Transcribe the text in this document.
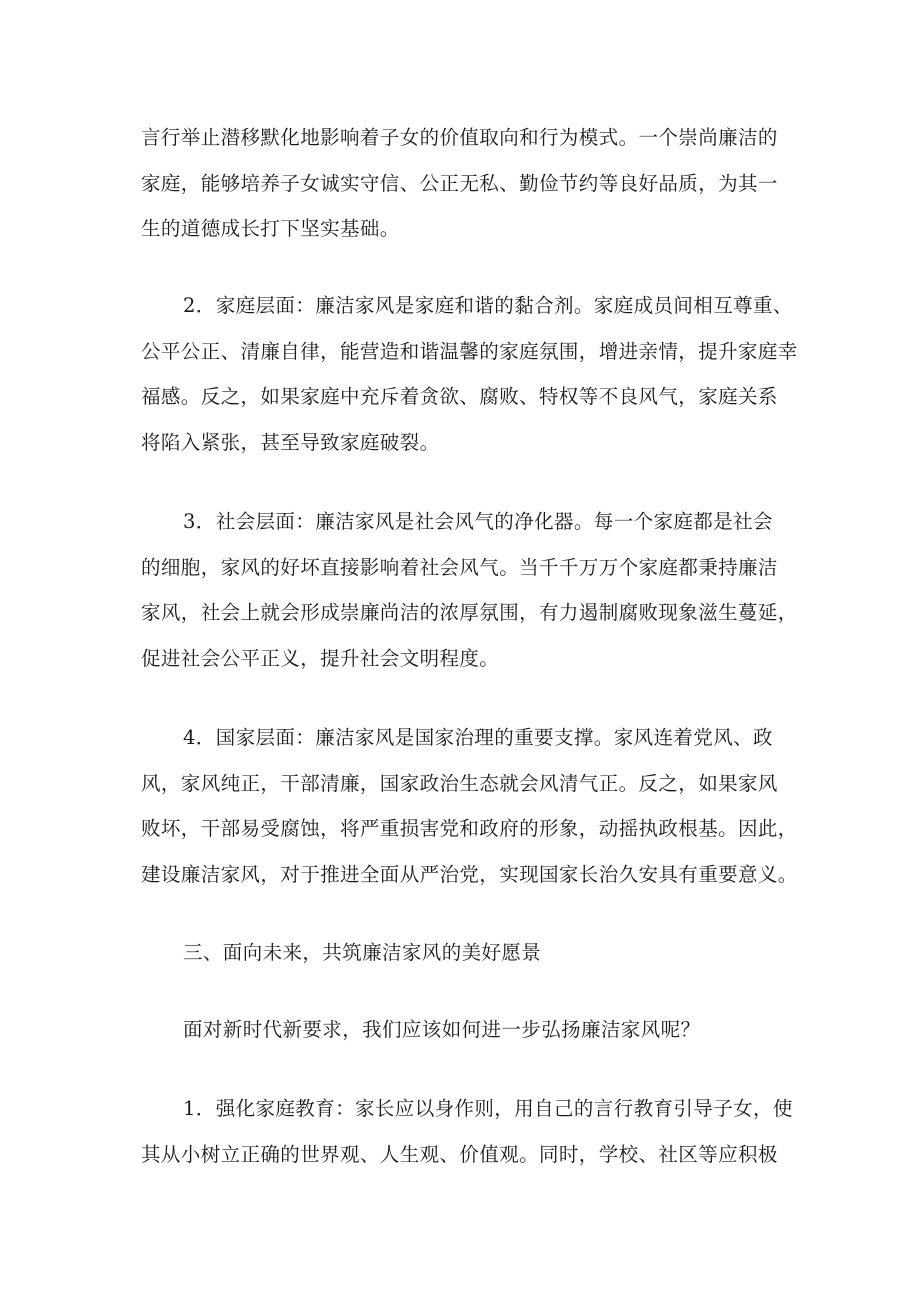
言行举止潜移默化地影响着子女的价值取向和行为模式。一个崇尚廉洁的
家庭，能够培养子女诚实守信、公正无私、勤俭节约等良好品质，为其一
生的道德成长打下坚实基础。
2．家庭层面：廉洁家风是家庭和谐的黏合剂。家庭成员间相互尊重、
公平公正、清廉自律，能营造和谐温馨的家庭氛围，增进亲情，提升家庭幸
福感。反之，如果家庭中充斥着贪欲、腐败、特权等不良风气，家庭关系
将陷入紧张，甚至导致家庭破裂。
3．社会层面：廉洁家风是社会风气的净化器。每一个家庭都是社会
的细胞，家风的好坏直接影响着社会风气。当千千万万个家庭都秉持廉洁
家风，社会上就会形成崇廉尚洁的浓厚氛围，有力遏制腐败现象滋生蔓延，
促进社会公平正义，提升社会文明程度。
4．国家层面：廉洁家风是国家治理的重要支撑。家风连着党风、政
风，家风纯正，干部清廉，国家政治生态就会风清气正。反之，如果家风
败坏，干部易受腐蚀，将严重损害党和政府的形象，动摇执政根基。因此，
建设廉洁家风，对于推进全面从严治党，实现国家长治久安具有重要意义。
三、面向未来，共筑廉洁家风的美好愿景
面对新时代新要求，我们应该如何进一步弘扬廉洁家风呢？
1．强化家庭教育：家长应以身作则，用自己的言行教育引导子女，使
其从小树立正确的世界观、人生观、价值观。同时，学校、社区等应积极
